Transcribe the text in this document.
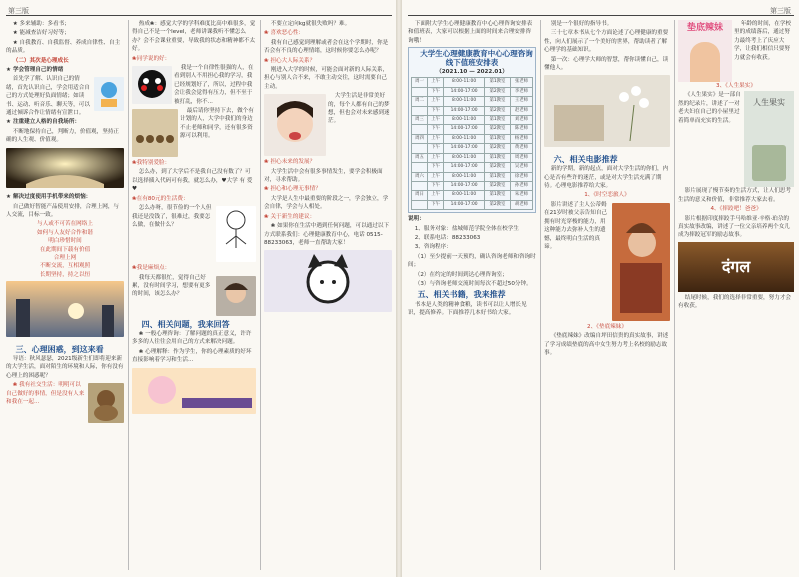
第三版

★ 多来辅助：多看书；

★ 能减查洁好习好等；

★ 自我教育、自我监督、养成自律性、自主的品质。

（二）其次是心理成长

★ 学会管理自己的情绪

首先学了解、认识自己的情绪，首先认识自己，学会用适合自己的方式处理好负面情绪；如读书、运动、听音乐、聊天等，可以通过倾诉合作让情绪有宣泄口。

★ 注重建立人格的自我场所：

不断地保持自己，判断力，价值观，坚持正确的人生观、价值观。

★ 解决过度使用手机带来的烦恼：

自己做好智能产品使用安排，合理上网，与人交流，目标一致。

与人或不可苦在网络上
如何与人友好合作和谐
明白珍惜时间
在此期间下载有价值
合理上网
不断交流，互相观照
长期坚持，持之以恒

三、心理困惑，到这来看

导语：秋风瑟瑟，2021级新生们即将迎来新的大学生活，面对陌生的环境和人际，你有没有心理上的困惑呢？

❀ 我有社交生活：明明可以自己做好的事情，但是没有人来和我在一起...

热成❀：感觉大学的学科难度比高中难很多，觉得自己不是一个level，老师讲课我听不懂怎么办？会不会课业重要，导致我的状态和精神都不太好。

❀同学说的好：

我是一个自律性很强的人，在看到别人不用担心我的学习，我已经规划好了，所以，过程中我会让我会觉得有压力，但不至于被打乱，你不...

最后请你坚持下去，做个有计划的人，大学中我们的身边不止老师和同学，还有很多资源可以利用。

❀我特别爱脸：

怎么办，到了大学后不是我自己没有数了？可以选择插入代码可有我，就怎么办，♥大学 有 爱♥

❀在有80元的生活费：

怎么办呀，很节俭的一个人但我还是没钱了，很难过，我要怎么做，在做什么？

❀我是麻烦点：

我每天都很忙，觉得自己好累，没有时间学习，想要有更多的时间，该怎么办？

四、相关问题，我来回答

❀ 一般心理咨询：了解问题的真正意义，许许多多的人往往会用自己的方式来解决问题。

❀ 心理解释：作为学生，你的心理素质的好坏直接影响着学习和生活...

不要立定向kg就很失败吗？难。

❀ 喜欢恶心性：

我有自己感觉到理解或者会在这个学期时，你是否会有不良的心理情绪，这时候你要怎么办呢？

❀ 担心大人际关系？

刚进入大学的时候，可能会面对新的人际关系，担心与别人合不来，不敢主动交往，这时需要自己主动。

大学生活是非常美好的，每个人都有自己的梦想，但也会对未来感到迷茫。

❀ 担心未来的发展？

大学生活中会有很多事情发生，要学会积极面对，寻求帮助。

❀ 担心和心理无事情？

大学是人生中最重要的阶段之一，学会独立，学会自律，学会与人相处。

❀ 关于新生的建议：

❀ 如果你在生活中遇到任何问题，可以通过以下方式联系我们：心理健康教育中心，电话 0515-88233063，老师一直帮助大家！

第三版

下面附大学生心理健康教育中心心理咨询安排表和值班表，大家可以根据上面的时间来合理安排咨询哦！

大学生心理健康教育中心心理咨询线下值班安排表

（2021.10 — 2022.01）

周一	上午	8:00-11:00	第1教室	张老师
	下午	14:00-17:00	第2教室	李老师
周二	上午	8:00-11:00	第1教室	王老师
	下午	14:00-17:00	第2教室	赵老师
周三	上午	8:00-11:00	第1教室	刘老师
	下午	14:00-17:00	第2教室	陈老师
周四	上午	8:00-11:00	第1教室	杨老师
	下午	14:00-17:00	第2教室	黄老师
周五	上午	8:00-11:00	第1教室	周老师
	下午	14:00-17:00	第2教室	吴老师
周六	上午	8:00-11:00	第1教室	徐老师
	下午	14:00-17:00	第2教室	孙老师
周日	上午	8:00-11:00	第1教室	朱老师
	下午	14:00-17:00	第2教室	胡老师

说明：

1、服务对象：盐城师范学院全体在校学生

2、联系电话：88233063

3、咨询程序：

（1）至少提前一天预约，确认咨询老师和咨询时间；

（2）在约定的时间到达心理咨询室；

（3）与咨询老师交流时间每次不超过50分钟。

五、相关书籍，我来推荐

书本是人类的精神食粮，读书可以让人增长见识，提高修养。下面推荐几本好书给大家。

别是一个很好的指导书。

三十七章本书从七个方面论述了心理健康的重要性，向人们展示了一个美好的世界，帮助读者了解心理学的基础知识。

第一次：心理学大师的智慧，帮你读懂自己，读懂他人。

六、相关电影推荐

新的学期，新的起点，面对大学生活的你们，内心是否有些许的迷茫，或是对大学生活充满了期待。心理电影推荐给大家。

1、《时空恋旅人》

影片讲述了主人公蒂姆在21岁时被父亲告知自己拥有时光穿梭的能力，用这种能力去弥补人生的遗憾，最终明白生活的真谛。

2、《垫底辣妹》

《垫底辣妹》改编自坪田信贵的真实故事，讲述了学习成绩垫底的高中女生努力考上名校的励志故事。

垫底辣妹	年龄的时间，在学校里的成绩落后，通过努力最终考上了庆应大学，让我们相信只要努力就会有收获。

3、《人生果实》

《人生果实》是一部自然的纪录片，讲述了一对老夫妇在自己的小屋里过着简单而充实的生活。

人生果实

影片展现了慢节奏的生活方式，让人们思考生活的意义和价值，非常推荐大家去看。

4、《摔跤吧！爸爸》

影片根据印度摔跤手马哈维亚·辛格·珀尕的真实故事改编，讲述了一位父亲培养两个女儿成为摔跤冠军的励志故事。

दंगल

结尾时候，我们的选择非常重要，努力才会有收获。
